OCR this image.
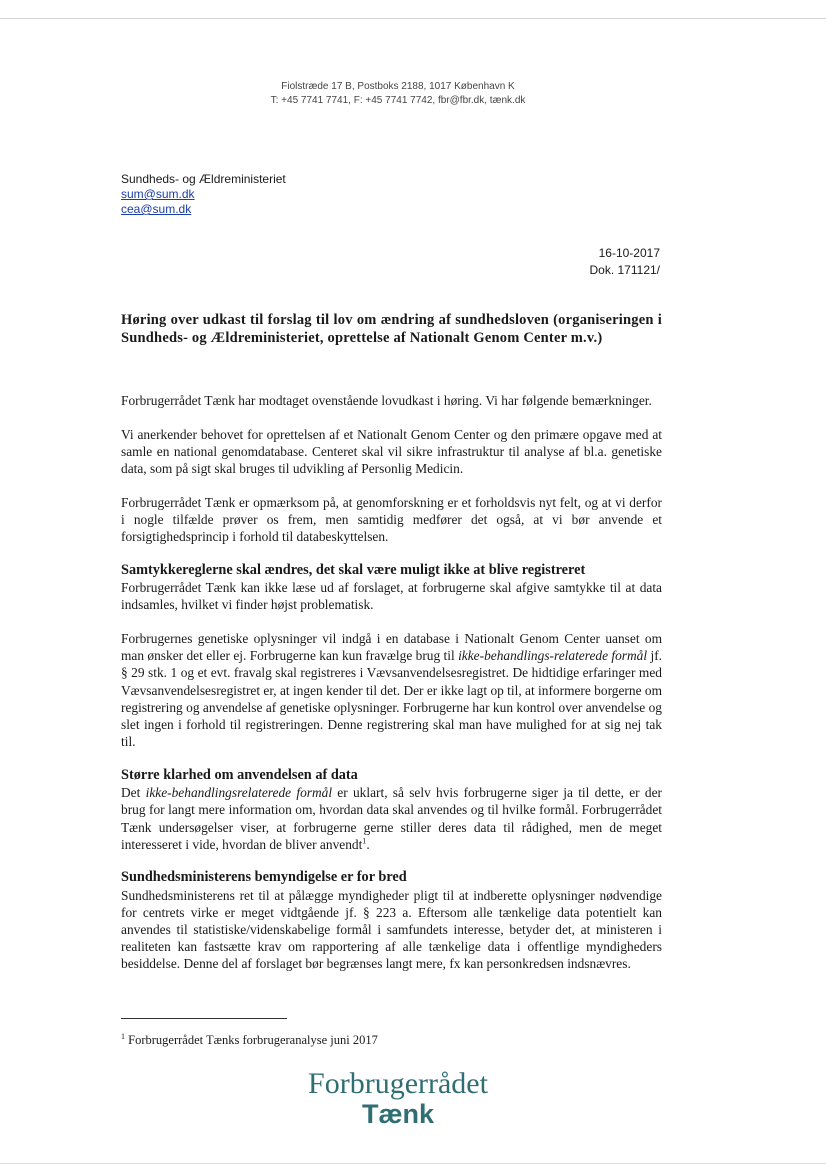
Fiolstræde 17 B, Postboks 2188, 1017 København K
T: +45 7741 7741, F: +45 7741 7742, fbr@fbr.dk, tænk.dk
Sundheds- og Ældreministeriet
sum@sum.dk
cea@sum.dk
16-10-2017
Dok. 171121/
Høring over udkast til forslag til lov om ændring af sundhedsloven (organiseringen i Sundheds- og Ældreministeriet, oprettelse af Nationalt Genom Center m.v.)

Forbrugerrådet Tænk har modtaget ovenstående lovudkast i høring. Vi har følgende bemærkninger.

Vi anerkender behovet for oprettelsen af et Nationalt Genom Center og den primære opgave med at samle en national genomdatabase. Centeret skal vil sikre infrastruktur til analyse af bl.a. genetiske data, som på sigt skal bruges til udvikling af Personlig Medicin.

Forbrugerrådet Tænk er opmærksom på, at genomforskning er et forholdsvis nyt felt, og at vi derfor i nogle tilfælde prøver os frem, men samtidig medfører det også, at vi bør anvende et forsigtighedsprincip i forhold til databeskyttelsen.

Samtykkereglerne skal ændres, det skal være muligt ikke at blive registreret

Forbrugerrådet Tænk kan ikke læse ud af forslaget, at forbrugerne skal afgive samtykke til at data indsamles, hvilket vi finder højst problematisk.

Forbrugernes genetiske oplysninger vil indgå i en database i Nationalt Genom Center uanset om man ønsker det eller ej. Forbrugerne kan kun fravælge brug til ikke-behandlings-relaterede formål jf. § 29 stk. 1 og et evt. fravalg skal registreres i Vævsanvendelsesregistret. De hidtidige erfaringer med Vævsanvendelsesregistret er, at ingen kender til det. Der er ikke lagt op til, at informere borgerne om registrering og anvendelse af genetiske oplysninger. Forbrugerne har kun kontrol over anvendelse og slet ingen i forhold til registreringen. Denne registrering skal man have mulighed for at sig nej tak til.

Større klarhed om anvendelsen af data

Det ikke-behandlingsrelaterede formål er uklart, så selv hvis forbrugerne siger ja til dette, er der brug for langt mere information om, hvordan data skal anvendes og til hvilke formål. Forbrugerrådet Tænk undersøgelser viser, at forbrugerne gerne stiller deres data til rådighed, men de meget interesseret i vide, hvordan de bliver anvendt$^1$.

Sundhedsministerens bemyndigelse er for bred

Sundhedsministerens ret til at pålægge myndigheder pligt til at indberette oplysninger nødvendige for centrets virke er meget vidtgående jf. § 223 a. Eftersom alle tænkelige data potentielt kan anvendes til statistiske/videnskabelige formål i samfundets interesse, betyder det, at ministeren i realiteten kan fastsætte krav om rapportering af alle tænkelige data i offentlige myndigheders besiddelse. Denne del af forslaget bør begrænses langt mere, fx kan personkredsen indsnævres.

$^1$ Forbrugerrådet Tænks forbrugeranalyse juni 2017
Forbrugerrådet
Tænk
